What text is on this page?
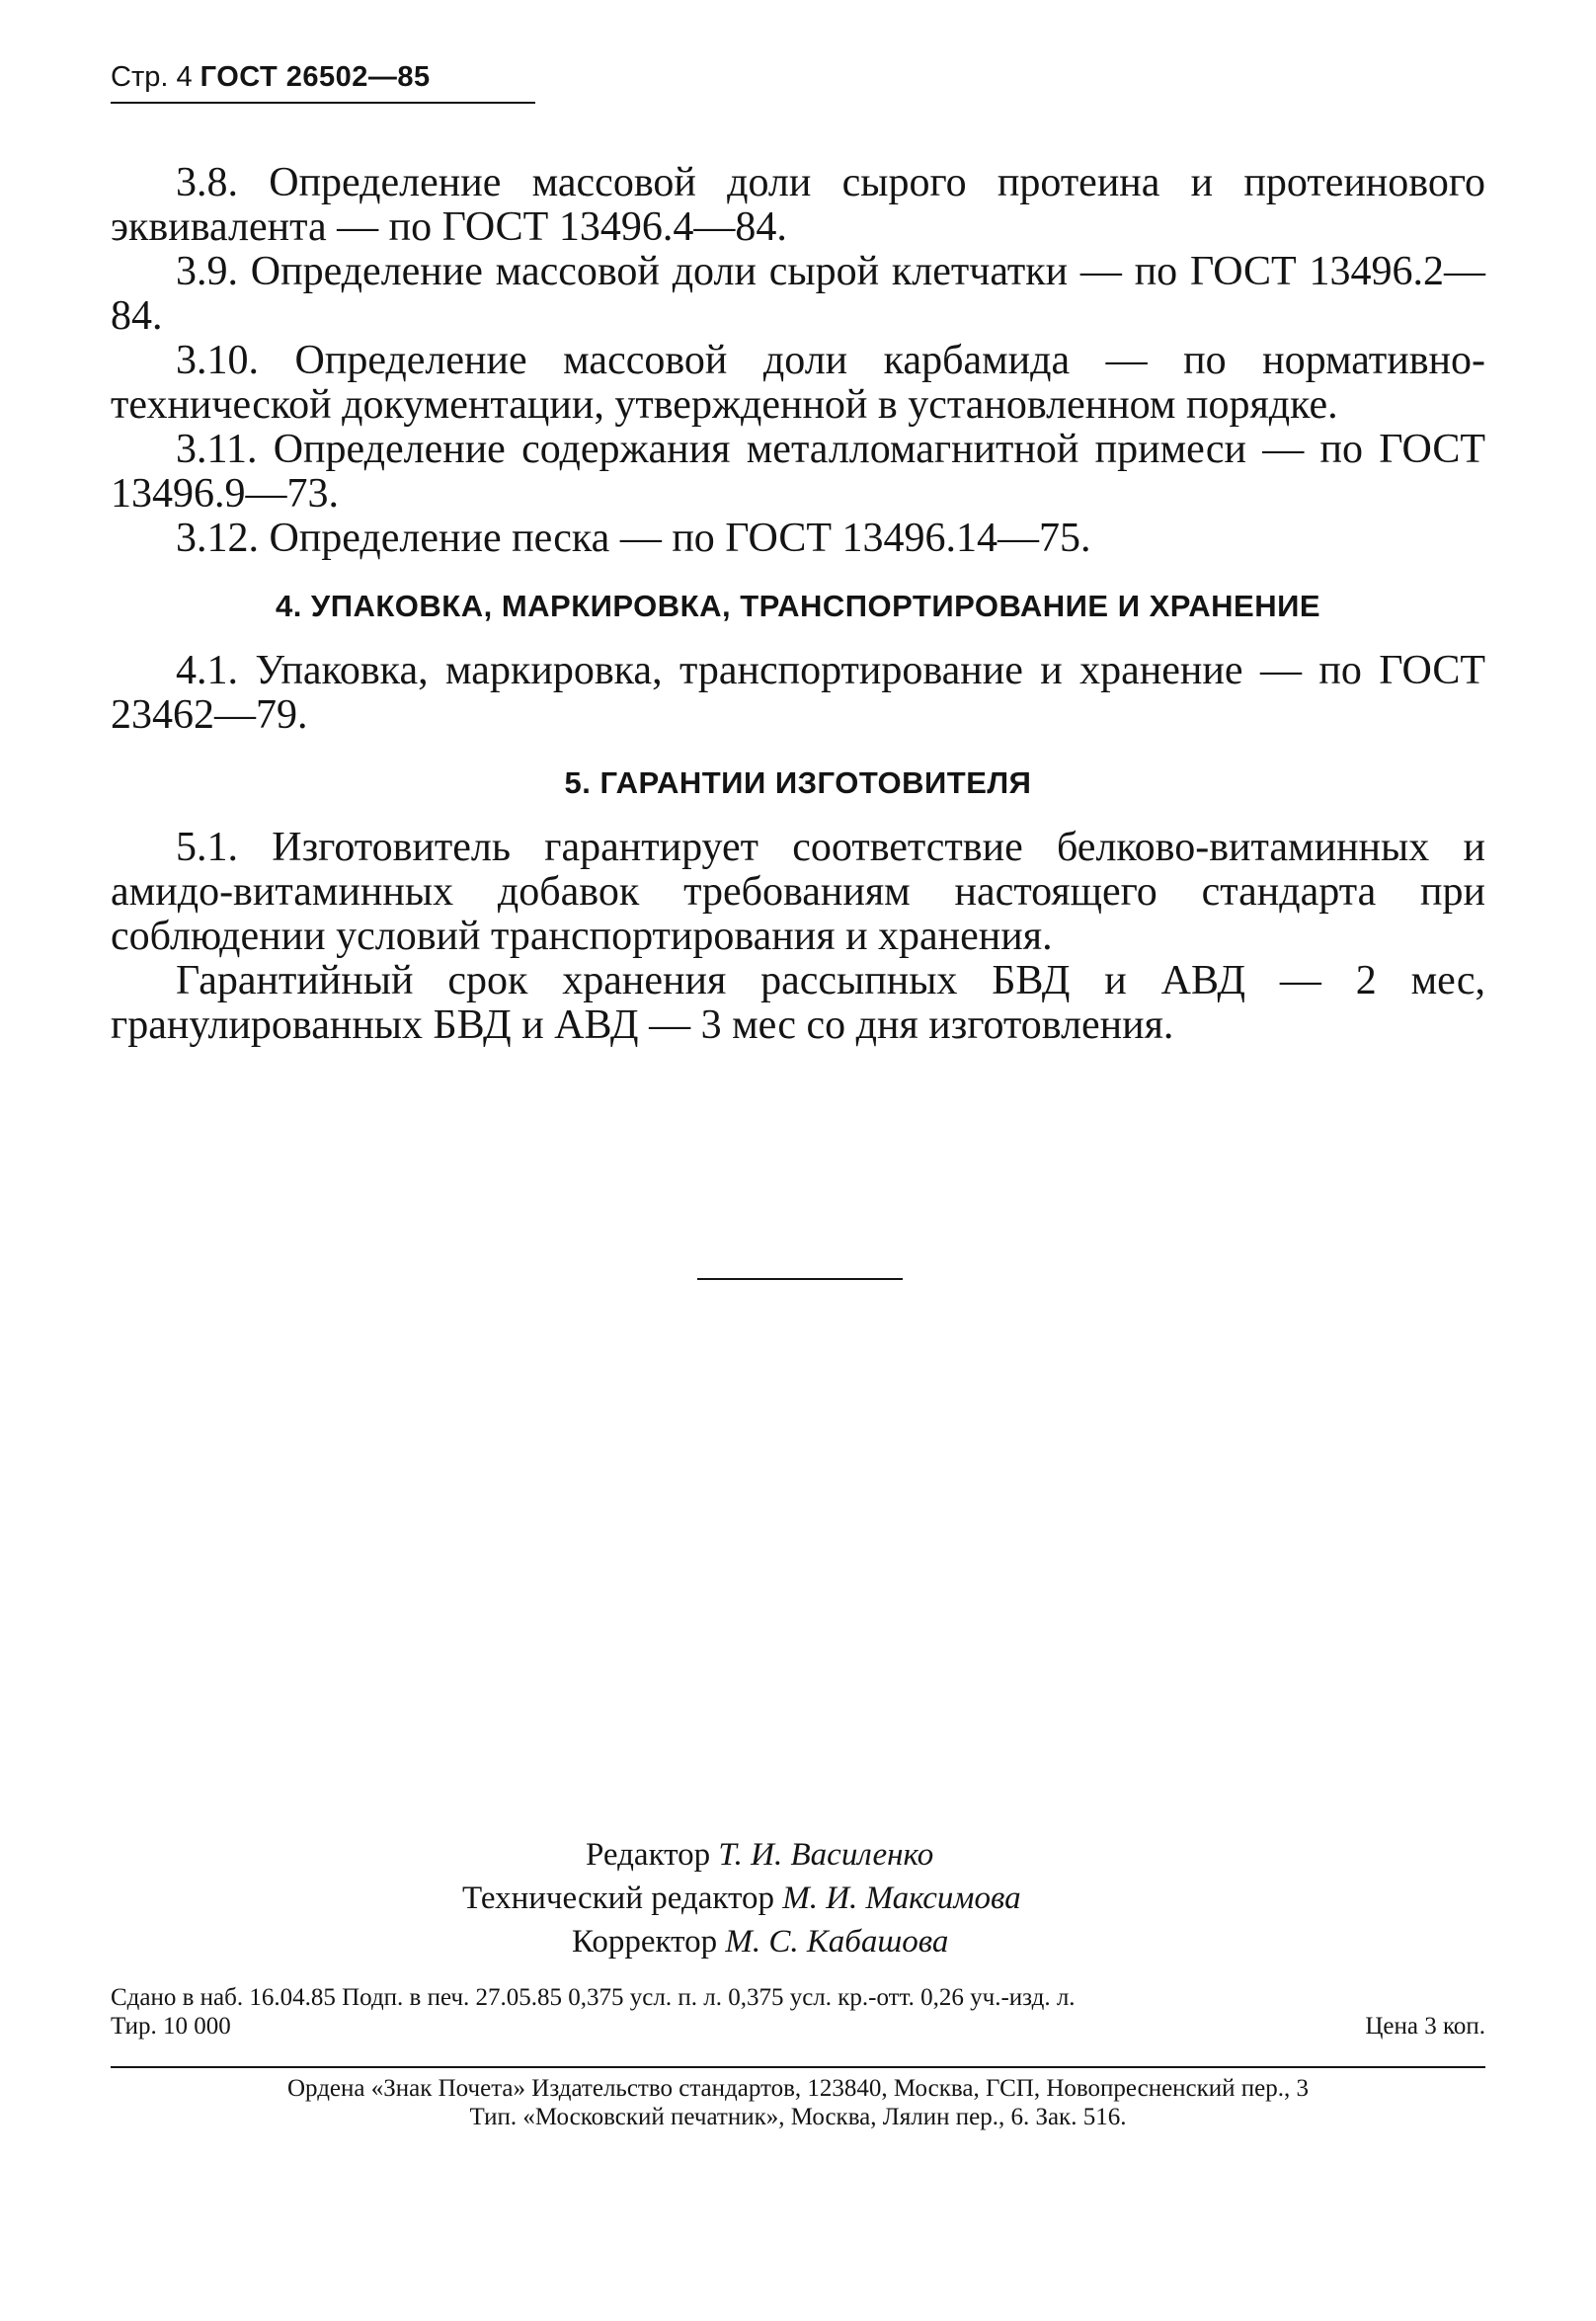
Стр. 4 ГОСТ 26502—85

3.8. Определение массовой доли сырого протеина и протеинового эквивалента — по ГОСТ 13496.4—84.

3.9. Определение массовой доли сырой клетчатки — по ГОСТ 13496.2—84.

3.10. Определение массовой доли карбамида — по нормативно-технической документации, утвержденной в установленном порядке.

3.11. Определение содержания металломагнитной примеси — по ГОСТ 13496.9—73.

3.12. Определение песка — по ГОСТ 13496.14—75.

4. УПАКОВКА, МАРКИРОВКА, ТРАНСПОРТИРОВАНИЕ И ХРАНЕНИЕ

4.1. Упаковка, маркировка, транспортирование и хранение — по ГОСТ 23462—79.

5. ГАРАНТИИ ИЗГОТОВИТЕЛЯ

5.1. Изготовитель гарантирует соответствие белково-витаминных и амидо-витаминных добавок требованиям настоящего стандарта при соблюдении условий транспортирования и хранения.

Гарантийный срок хранения рассыпных БВД и АВД — 2 мес, гранулированных БВД и АВД — 3 мес со дня изготовления.

Редактор Т. И. Василенко
Технический редактор М. И. Максимова
Корректор М. С. Кабашова
Сдано в наб. 16.04.85 Подп. в печ. 27.05.85 0,375 усл. п. л. 0,375 усл. кр.-отт. 0,26 уч.-изд. л.
Тир. 10 000	Цена 3 коп.
Ордена «Знак Почета» Издательство стандартов, 123840, Москва, ГСП, Новопресненский пер., 3
Тип. «Московский печатник», Москва, Лялин пер., 6. Зак. 516.
